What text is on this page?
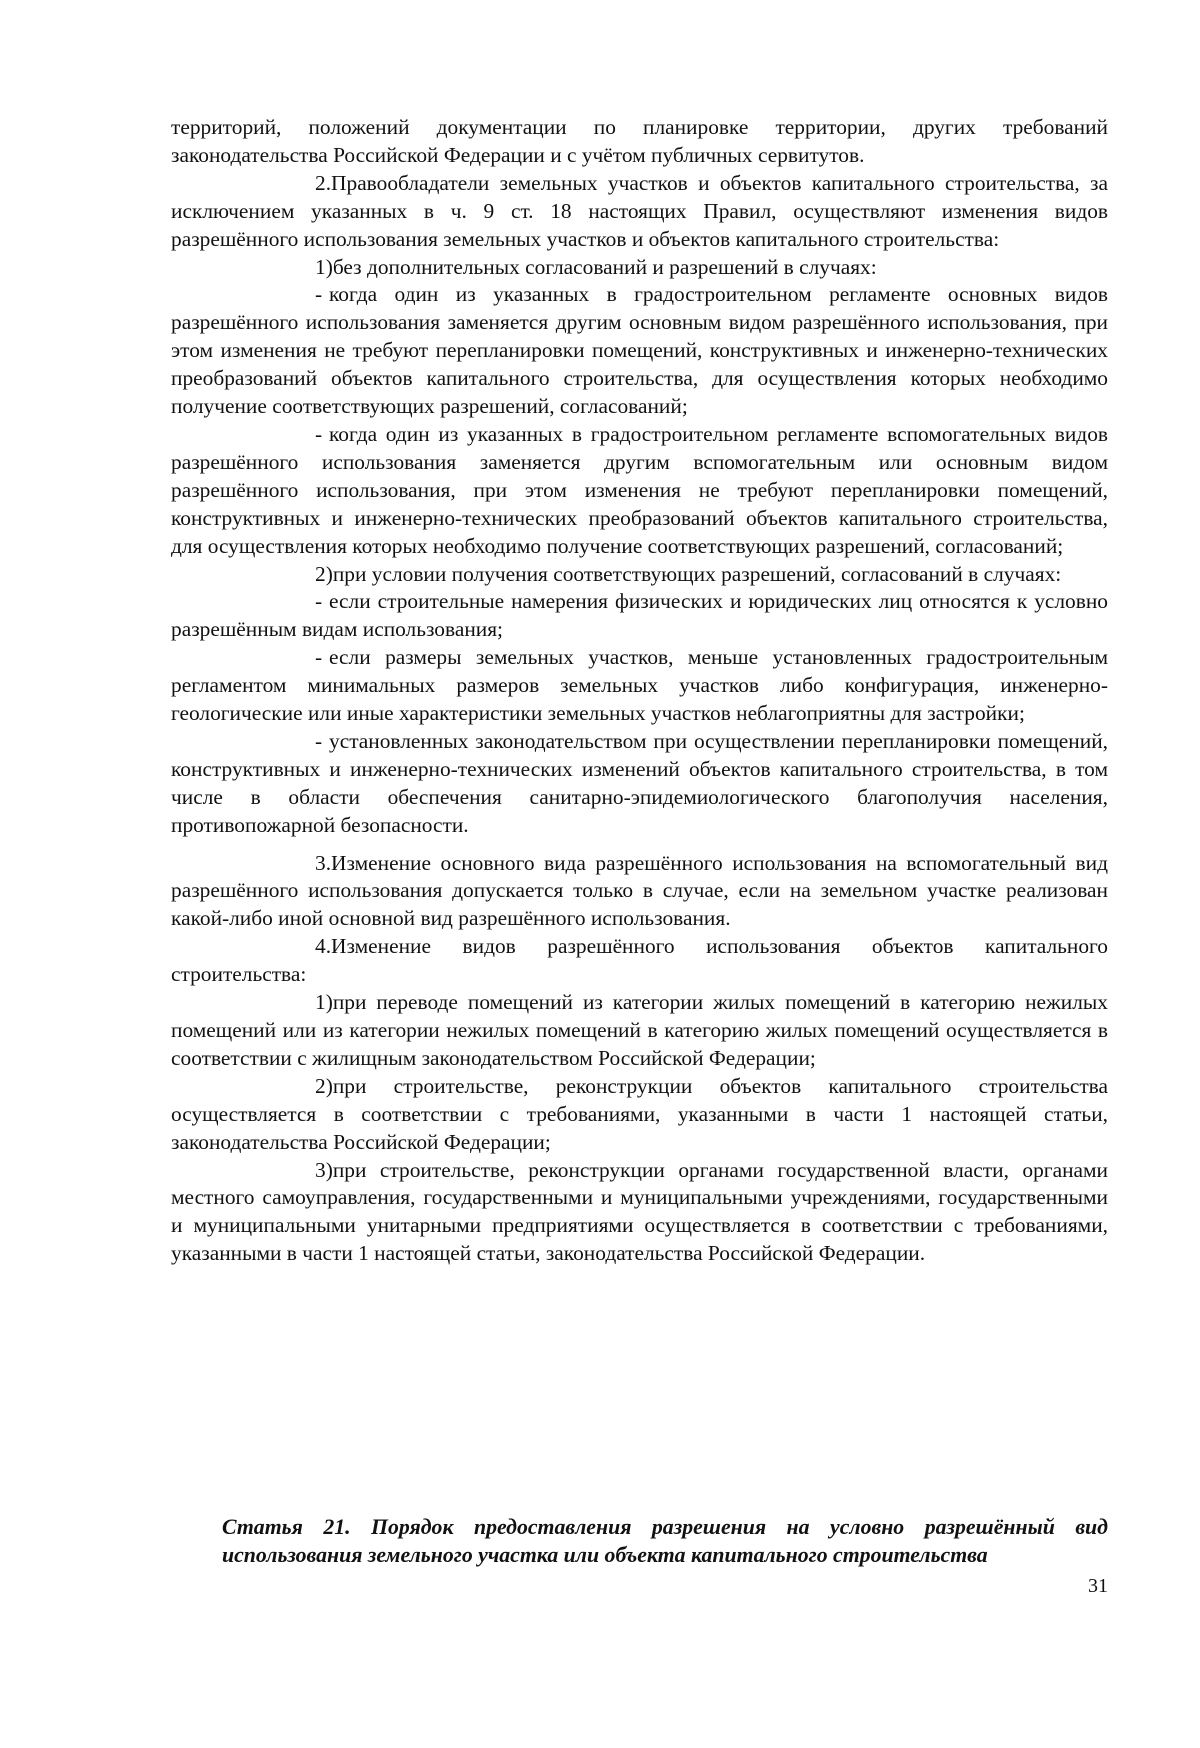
территорий, положений документации по планировке территории, других требований законодательства Российской Федерации и с учётом публичных сервитутов.

2.Правообладатели земельных участков и объектов капитального строительства, за исключением указанных в ч. 9 ст. 18 настоящих Правил, осуществляют изменения видов разрешённого использования земельных участков и объектов капитального строительства:

1)без дополнительных согласований и разрешений в случаях:

- когда один из указанных в градостроительном регламенте основных видов разрешённого использования заменяется другим основным видом разрешённого использования, при этом изменения не требуют перепланировки помещений, конструктивных и инженерно-технических преобразований объектов капитального строительства, для осуществления которых необходимо получение соответствующих разрешений, согласований;

- когда один из указанных в градостроительном регламенте вспомогательных видов разрешённого использования заменяется другим вспомогательным или основным видом разрешённого использования, при этом изменения не требуют перепланировки помещений, конструктивных и инженерно-технических преобразований объектов капитального строительства, для осуществления которых необходимо получение соответствующих разрешений, согласований;

2)при условии получения соответствующих разрешений, согласований в случаях:

- если строительные намерения физических и юридических лиц относятся к условно разрешённым видам использования;

- если размеры земельных участков, меньше установленных градостроительным регламентом минимальных размеров земельных участков либо конфигурация, инженерно- геологические или иные характеристики земельных участков неблагоприятны для застройки;

- установленных законодательством при осуществлении перепланировки помещений, конструктивных и инженерно-технических изменений объектов капитального строительства, в том числе в области обеспечения санитарно-эпидемиологического благополучия населения, противопожарной безопасности.

3.Изменение основного вида разрешённого использования на вспомогательный вид разрешённого использования допускается только в случае, если на земельном участке реализован какой-либо иной основной вид разрешённого использования.

4.Изменение видов разрешённого использования объектов капитального строительства:

1)при переводе помещений из категории жилых помещений в категорию нежилых помещений или из категории нежилых помещений в категорию жилых помещений осуществляется в соответствии с жилищным законодательством Российской Федерации;

2)при строительстве, реконструкции объектов капитального строительства осуществляется в соответствии с требованиями, указанными в части 1 настоящей статьи, законодательства Российской Федерации;

3)при строительстве, реконструкции органами государственной власти, органами местного самоуправления, государственными и муниципальными учреждениями, государственными и муниципальными унитарными предприятиями осуществляется в соответствии с требованиями, указанными в части 1 настоящей статьи, законодательства Российской Федерации.

Статья 21. Порядок предоставления разрешения на условно разрешённый вид
использования земельного участка или объекта капитального строительства
31
